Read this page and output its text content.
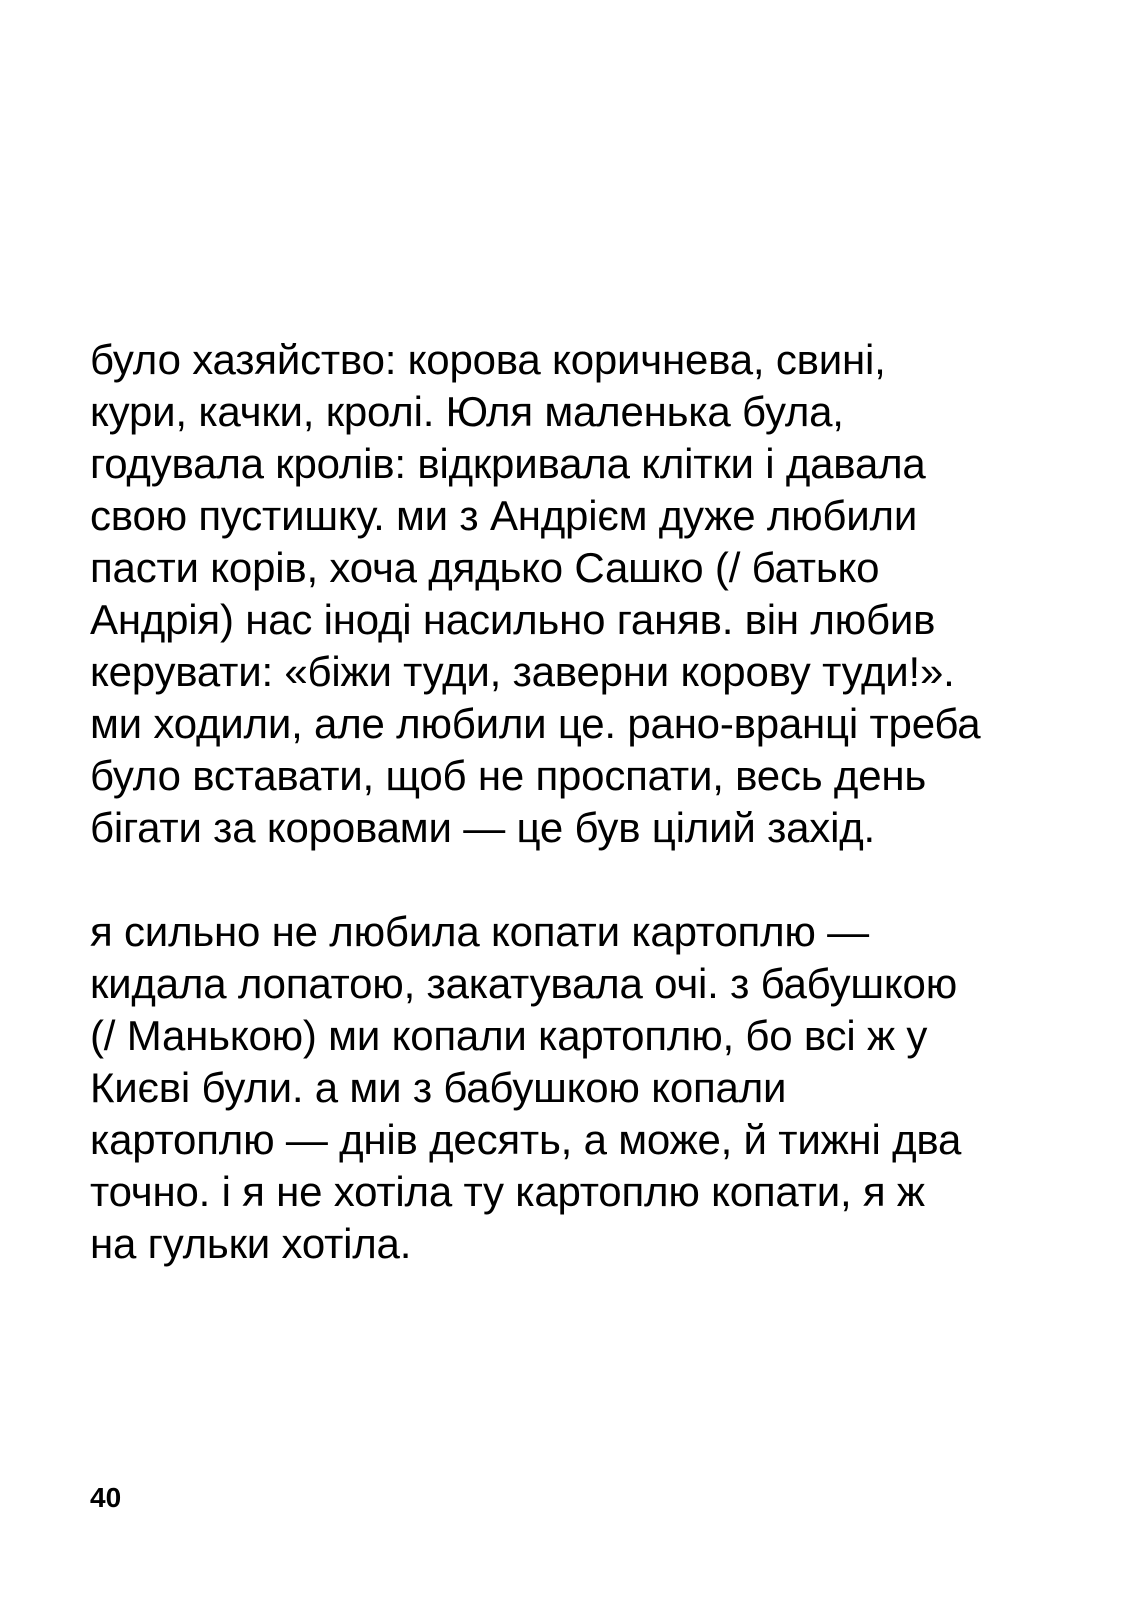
було хазяйство: корова коричнева, свині,
кури, качки, кролі. Юля маленька була,
годувала кролів: відкривала клітки і давала
свою пустишку. ми з Андрієм дуже любили
пасти корів, хоча дядько Сашко (/ батько
Андрія) нас іноді насильно ганяв. він любив
керувати: «біжи туди, заверни корову туди!».
ми ходили, але любили це. рано-вранці треба
було вставати, щоб не проспати, весь день
бігати за коровами — це був цілий захід.

я сильно не любила копати картоплю —
кидала лопатою, закатувала очі. з бабушкою
(/ Манькою) ми копали картоплю, бо всі ж у
Києві були. а ми з бабушкою копали
картоплю — днів десять, а може, й тижні два
точно. і я не хотіла ту картоплю копати, я ж
на гульки хотіла.

40
